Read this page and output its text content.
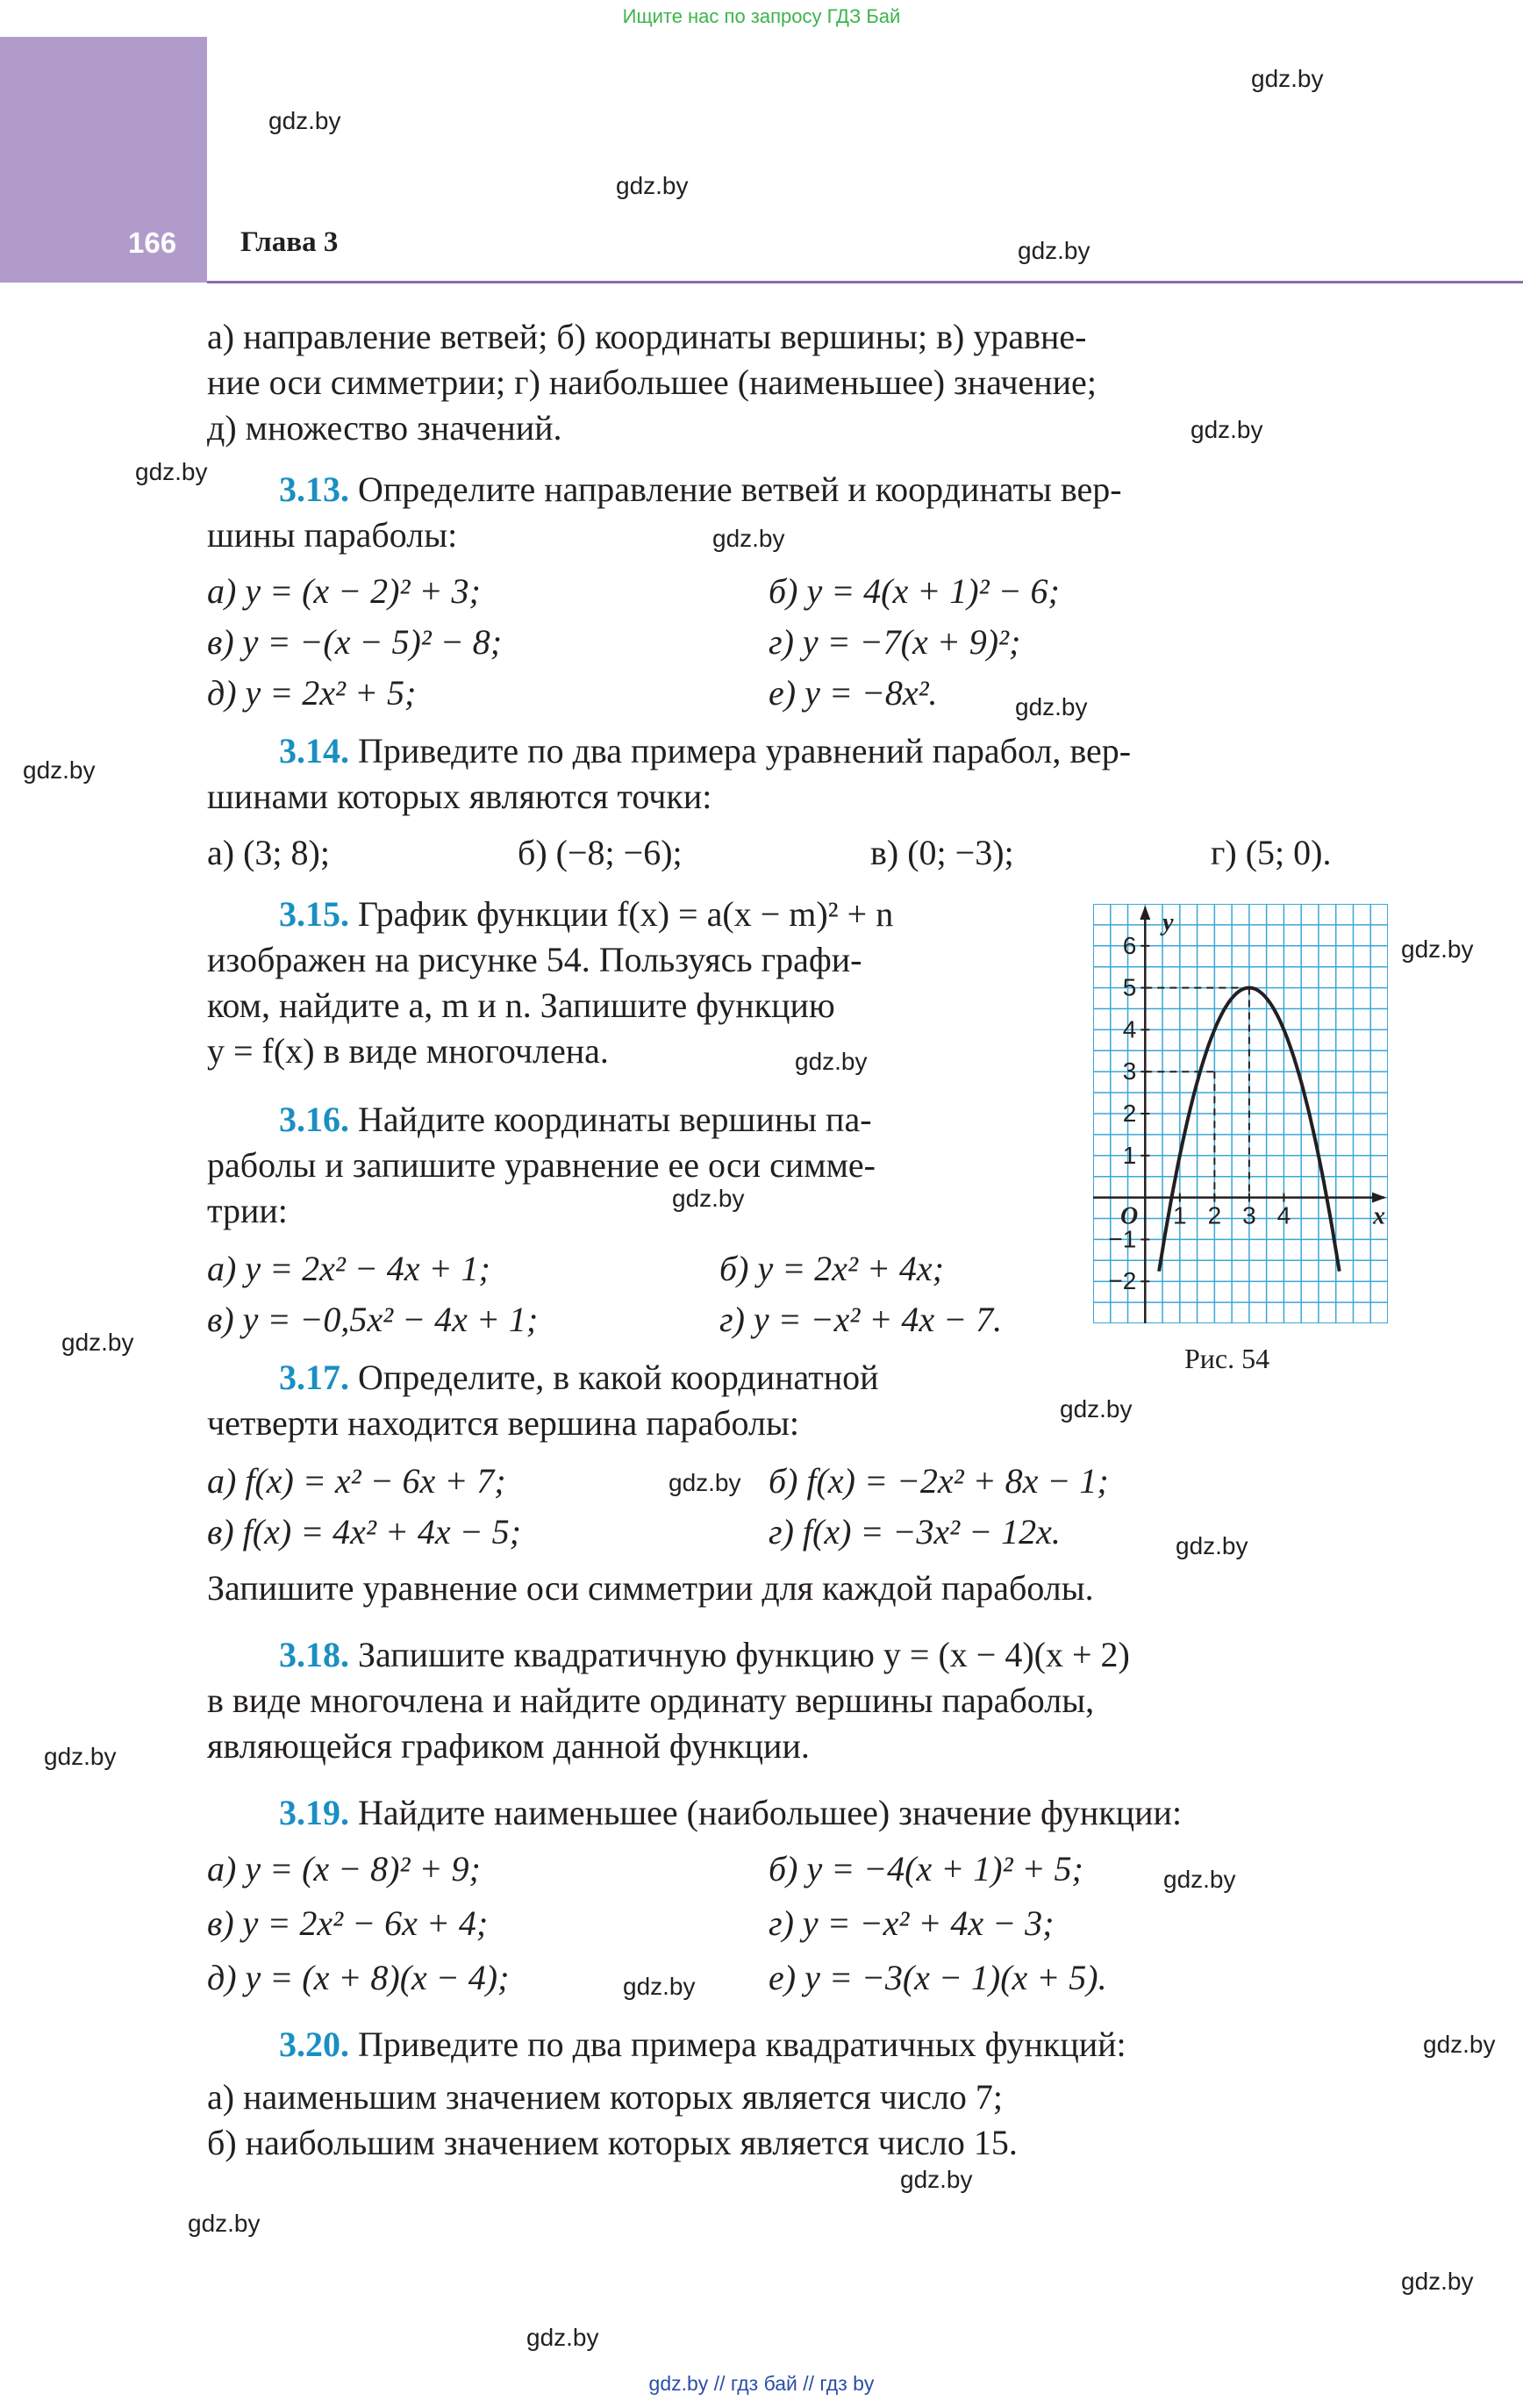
Ищите нас по запросу ГДЗ Бай
166 Глава 3
gdz.by
gdz.by
gdz.by
gdz.by
gdz.by
gdz.by
gdz.by
gdz.by
gdz.by
gdz.by
gdz.by
gdz.by
gdz.by
gdz.by
gdz.by
gdz.by
gdz.by
gdz.by
gdz.by
gdz.by
gdz.by
gdz.by
gdz.by
gdz.by
а) направление ветвей; б) координаты вершины; в) уравне-
ние оси симметрии; г) наибольшее (наименьшее) значение;
д) множество значений.
3.13. Определите направление ветвей и координаты вер-
шины параболы:
а) y = (x − 2)² + 3;	б) y = 4(x + 1)² − 6;
в) y = −(x − 5)² − 8;	г) y = −7(x + 9)²;
д) y = 2x² + 5;	е) y = −8x².
3.14. Приведите по два примера уравнений парабол, вер-
шинами которых являются точки:
а) (3; 8);	б) (−8; −6);	в) (0; −3);	г) (5; 0).
3.15. График функции f(x) = a(x − m)² + n
изображен на рисунке 54. Пользуясь графи-
ком, найдите a, m и n. Запишите функцию
y = f(x) в виде многочлена.
3.16. Найдите координаты вершины па-
раболы и запишите уравнение ее оси симме-
трии:
а) y = 2x² − 4x + 1;	б) y = 2x² + 4x;
в) y = −0,5x² − 4x + 1;	г) y = −x² + 4x − 7.
3.17. Определите, в какой координатной
четверти находится вершина параболы:
а) f(x) = x² − 6x + 7;	б) f(x) = −2x² + 8x − 1;
в) f(x) = 4x² + 4x − 5;	г) f(x) = −3x² − 12x.
Запишите уравнение оси симметрии для каждой параболы.
3.18. Запишите квадратичную функцию y = (x − 4)(x + 2)
в виде многочлена и найдите ординату вершины параболы,
являющейся графиком данной функции.
3.19. Найдите наименьшее (наибольшее) значение функции:
а) y = (x − 8)² + 9;	б) y = −4(x + 1)² + 5;
в) y = 2x² − 6x + 4;	г) y = −x² + 4x − 3;
д) y = (x + 8)(x − 4);	е) y = −3(x − 1)(x + 5).
3.20. Приведите по два примера квадратичных функций:
а) наименьшим значением которых является число 7;
б) наибольшим значением которых является число 15.
1 2 3 4
6
5
4
3
2
1
−1
−2
O	x
y
Рис. 54
gdz.by // гдз бай // гдз by
